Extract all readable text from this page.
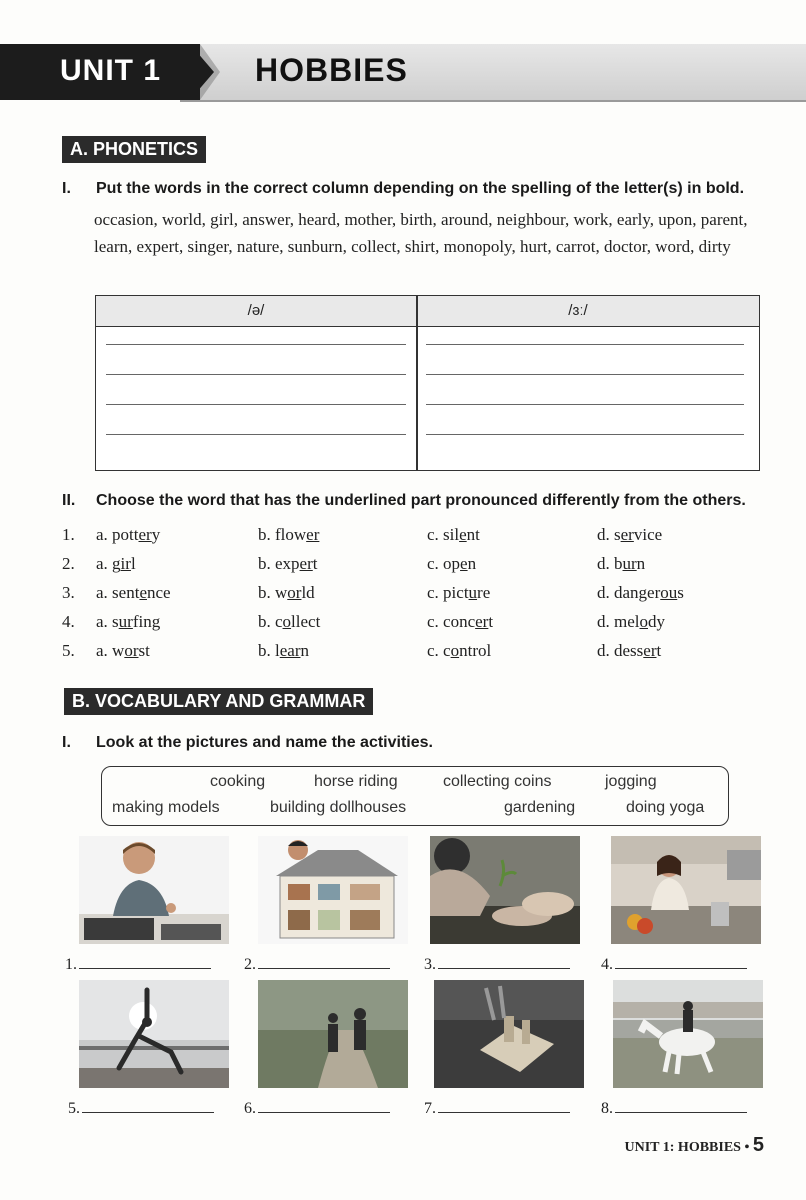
UNIT 1	HOBBIES
A. PHONETICS
I. Put the words in the correct column depending on the spelling of the letter(s) in bold.
occasion, world, girl, answer, heard, mother, birth, around, neighbour, work, early, upon, parent, learn, expert, singer, nature, sunburn, collect, shirt, monopoly, hurt, carrot, doctor, word, dirty
/ə/	/ɜː/
II. Choose the word that has the underlined part pronounced differently from the others.
1. a. pottery	b. flower	c. silent	d. service
2. a. girl	b. expert	c. open	d. burn
3. a. sentence	b. world	c. picture	d. dangerous
4. a. surfing	b. collect	c. concert	d. melody
5. a. worst	b. learn	c. control	d. dessert
B. VOCABULARY AND GRAMMAR
I. Look at the pictures and name the activities.
cooking	horse riding	collecting coins	jogging
making models	building dollhouses	gardening	doing yoga
1.	2.	3.	4.
5.	6.	7.	8.
UNIT 1: HOBBIES • 5
